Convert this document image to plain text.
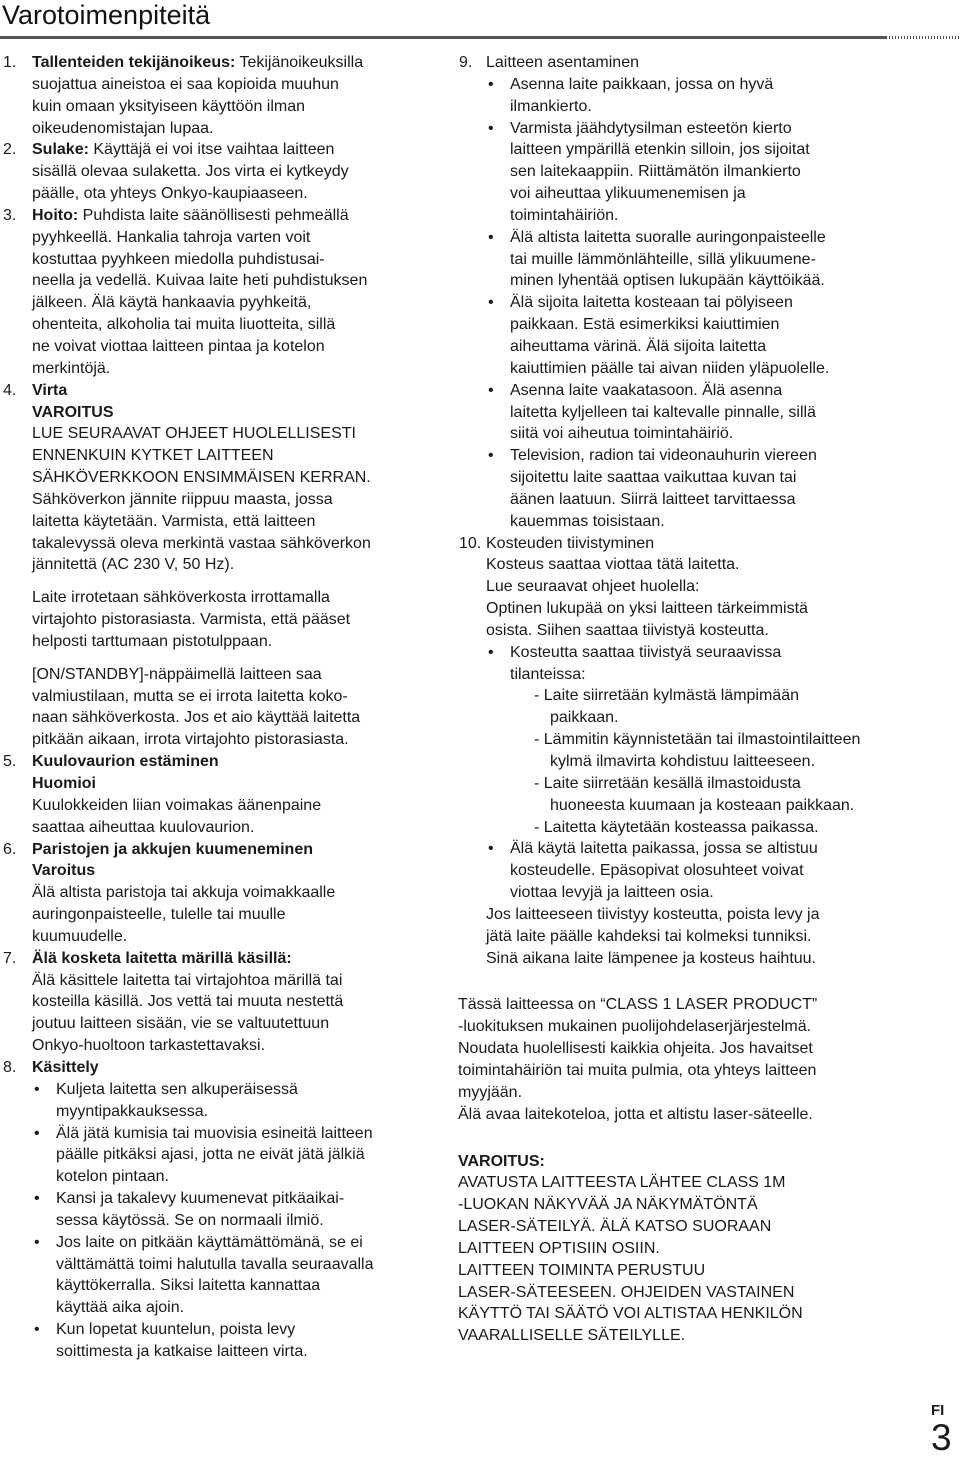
Varotoimenpiteitä
1. Tallenteiden tekijänoikeus: Tekijänoikeuksilla
suojattua aineistoa ei saa kopioida muuhun
kuin omaan yksityiseen käyttöön ilman
oikeudenomistajan lupaa.
2. Sulake: Käyttäjä ei voi itse vaihtaa laitteen
sisällä olevaa sulaketta. Jos virta ei kytkeydy
päälle, ota yhteys Onkyo-kaupiaaseen.
3. Hoito: Puhdista laite säänöllisesti pehmeällä
pyyhkeellä. Hankalia tahroja varten voit
kostuttaa pyyhkeen miedolla puhdistusai-
neella ja vedellä. Kuivaa laite heti puhdistuksen
jälkeen. Älä käytä hankaavia pyyhkeitä,
ohenteita, alkoholia tai muita liuotteita, sillä
ne voivat viottaa laitteen pintaa ja kotelon
merkintöjä.
4. Virta
VAROITUS
LUE SEURAAVAT OHJEET HUOLELLISESTI
ENNENKUIN KYTKET LAITTEEN
SÄHKÖVERKKOON ENSIMMÄISEN KERRAN.
Sähköverkon jännite riippuu maasta, jossa
laitetta käytetään. Varmista, että laitteen
takalevyssä oleva merkintä vastaa sähköverkon
jännitettä (AC 230 V, 50 Hz).
Laite irrotetaan sähköverkosta irrottamalla
virtajohto pistorasiasta. Varmista, että pääset
helposti tarttumaan pistotulppaan.
[ON/STANDBY]-näppäimellä laitteen saa
valmiustilaan, mutta se ei irrota laitetta koko-
naan sähköverkosta. Jos et aio käyttää laitetta
pitkään aikaan, irrota virtajohto pistorasiasta.
5. Kuulovaurion estäminen
Huomioi
Kuulokkeiden liian voimakas äänenpaine
saattaa aiheuttaa kuulovaurion.
6. Paristojen ja akkujen kuumeneminen
Varoitus
Älä altista paristoja tai akkuja voimakkaalle
auringonpaisteelle, tulelle tai muulle
kuumuudelle.
7. Älä kosketa laitetta märillä käsillä:
Älä käsittele laitetta tai virtajohtoa märillä tai
kosteilla käsillä. Jos vettä tai muuta nestettä
joutuu laitteen sisään, vie se valtuutettuun
Onkyo-huoltoon tarkastettavaksi.
8. Käsittely
• Kuljeta laitetta sen alkuperäisessä
myyntipakkauksessa.
• Älä jätä kumisia tai muovisia esineitä laitteen
päälle pitkäksi ajasi, jotta ne eivät jätä jälkiä
kotelon pintaan.
• Kansi ja takalevy kuumenevat pitkäaikai-
sessa käytössä. Se on normaali ilmiö.
• Jos laite on pitkään käyttämättömänä, se ei
välttämättä toimi halutulla tavalla seuraavalla
käyttökerralla. Siksi laitetta kannattaa
käyttää aika ajoin.
• Kun lopetat kuuntelun, poista levy
soittimesta ja katkaise laitteen virta.
9. Laitteen asentaminen
• Asenna laite paikkaan, jossa on hyvä
ilmankierto.
• Varmista jäähdytysilman esteetön kierto
laitteen ympärillä etenkin silloin, jos sijoitat
sen laitekaappiin. Riittämätön ilmankierto
voi aiheuttaa ylikuumenemisen ja
toimintahäiriön.
• Älä altista laitetta suoralle auringonpaisteelle
tai muille lämmönlähteille, sillä ylikuumene-
minen lyhentää optisen lukupään käyttöikää.
• Älä sijoita laitetta kosteaan tai pölyiseen
paikkaan. Estä esimerkiksi kaiuttimien
aiheuttama värinä. Älä sijoita laitetta
kaiuttimien päälle tai aivan niiden yläpuolelle.
• Asenna laite vaakatasoon. Älä asenna
laitetta kyljelleen tai kaltevalle pinnalle, sillä
siitä voi aiheutua toimintahäiriö.
• Television, radion tai videonauhurin viereen
sijoitettu laite saattaa vaikuttaa kuvan tai
äänen laatuun. Siirrä laitteet tarvittaessa
kauemmas toisistaan.
10. Kosteuden tiivistyminen
Kosteus saattaa viottaa tätä laitetta.
Lue seuraavat ohjeet huolella:
Optinen lukupää on yksi laitteen tärkeimmistä
osista. Siihen saattaa tiivistyä kosteutta.
• Kosteutta saattaa tiivistyä seuraavissa
tilanteissa:
- Laite siirretään kylmästä lämpimään
paikkaan.
- Lämmitin käynnistetään tai ilmastointilaitteen
kylmä ilmavirta kohdistuu laitteeseen.
- Laite siirretään kesällä ilmastoidusta
huoneesta kuumaan ja kosteaan paikkaan.
- Laitetta käytetään kosteassa paikassa.
• Älä käytä laitetta paikassa, jossa se altistuu
kosteudelle. Epäsopivat olosuhteet voivat
viottaa levyjä ja laitteen osia.
Jos laitteeseen tiivistyy kosteutta, poista levy ja
jätä laite päälle kahdeksi tai kolmeksi tunniksi.
Sinä aikana laite lämpenee ja kosteus haihtuu.
Tässä laitteessa on “CLASS 1 LASER PRODUCT”
-luokituksen mukainen puolijohdelaserjärjestelmä.
Noudata huolellisesti kaikkia ohjeita. Jos havaitset
toimintahäiriön tai muita pulmia, ota yhteys laitteen
myyjään.
Älä avaa laitekoteloa, jotta et altistu laser-säteelle.
VAROITUS:
AVATUSTA LAITTEESTA LÄHTEE CLASS 1M
-LUOKAN NÄKYVÄÄ JA NÄKYMÄTÖNTÄ
LASER-SÄTEILYÄ. ÄLÄ KATSO SUORAAN
LAITTEEN OPTISIIN OSIIN.
LAITTEEN TOIMINTA PERUSTUU
LASER-SÄTEESEEN. OHJEIDEN VASTAINEN
KÄYTTÖ TAI SÄÄTÖ VOI ALTISTAA HENKILÖN
VAARALLISELLE SÄTEILYLLE.
FI
3
